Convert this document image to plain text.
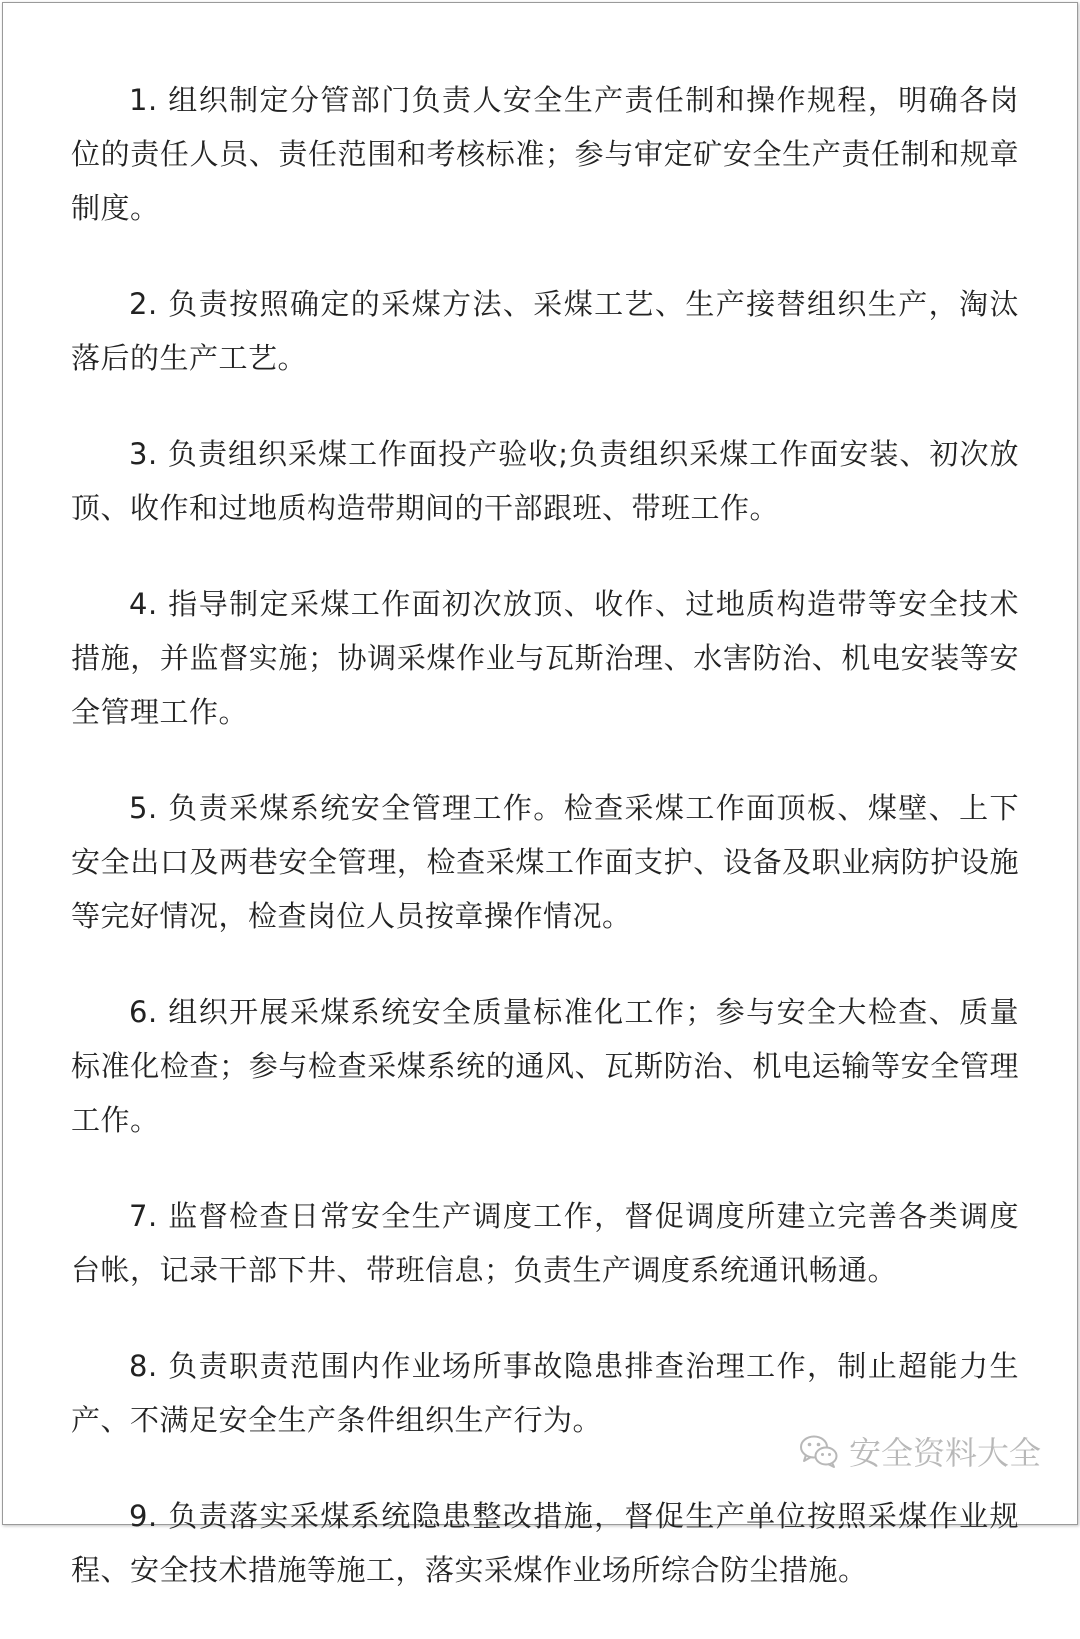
1. 组织制定分管部门负责人安全生产责任制和操作规程，明确各岗位的责任人员、责任范围和考核标准；参与审定矿安全生产责任制和规章制度。

2. 负责按照确定的采煤方法、采煤工艺、生产接替组织生产，淘汰落后的生产工艺。

3. 负责组织采煤工作面投产验收;负责组织采煤工作面安装、初次放顶、收作和过地质构造带期间的干部跟班、带班工作。

4. 指导制定采煤工作面初次放顶、收作、过地质构造带等安全技术措施，并监督实施；协调采煤作业与瓦斯治理、水害防治、机电安装等安全管理工作。

5. 负责采煤系统安全管理工作。检查采煤工作面顶板、煤壁、上下安全出口及两巷安全管理，检查采煤工作面支护、设备及职业病防护设施等完好情况，检查岗位人员按章操作情况。

6. 组织开展采煤系统安全质量标准化工作；参与安全大检查、质量标准化检查；参与检查采煤系统的通风、瓦斯防治、机电运输等安全管理工作。

7. 监督检查日常安全生产调度工作，督促调度所建立完善各类调度台帐，记录干部下井、带班信息；负责生产调度系统通讯畅通。

8. 负责职责范围内作业场所事故隐患排查治理工作，制止超能力生产、不满足安全生产条件组织生产行为。

9. 负责落实采煤系统隐患整改措施，督促生产单位按照采煤作业规程、安全技术措施等施工，落实采煤作业场所综合防尘措施。

安全资料大全
